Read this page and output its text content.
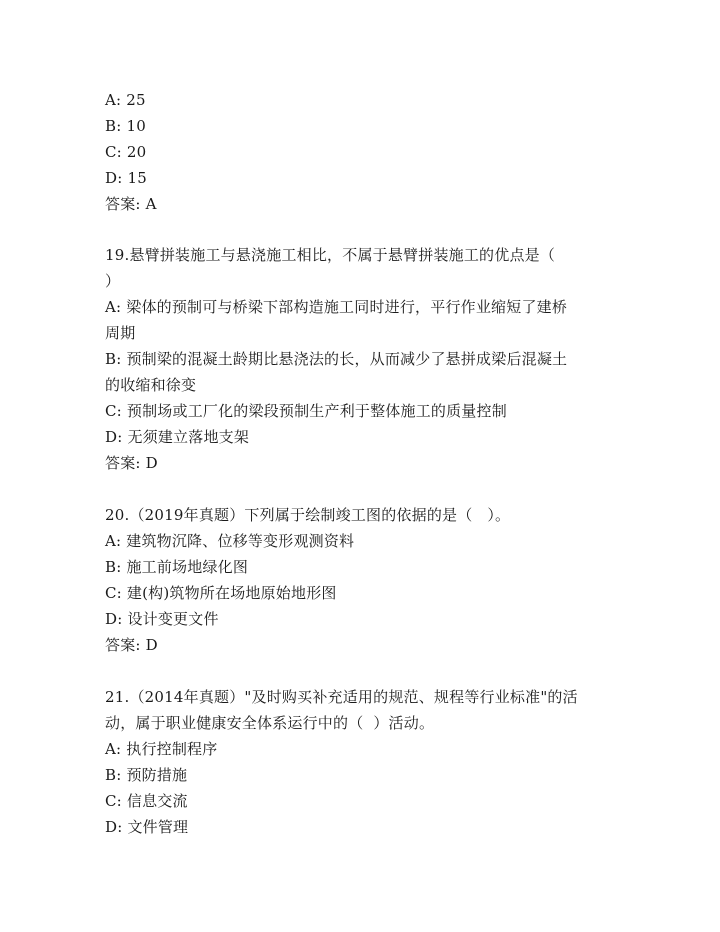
A: 25
B: 10
C: 20
D: 15
答案: A
19.悬臂拼装施工与悬浇施工相比，不属于悬臂拼装施工的优点是（
）
A: 梁体的预制可与桥梁下部构造施工同时进行，平行作业缩短了建桥
周期
B: 预制梁的混凝土龄期比悬浇法的长，从而减少了悬拼成梁后混凝土
的收缩和徐变
C: 预制场或工厂化的梁段预制生产利于整体施工的质量控制
D: 无须建立落地支架
答案: D
20.（2019年真题）下列属于绘制竣工图的依据的是（   ）。
A: 建筑物沉降、位移等变形观测资料
B: 施工前场地绿化图
C: 建(构)筑物所在场地原始地形图
D: 设计变更文件
答案: D
21.（2014年真题）"及时购买补充适用的规范、规程等行业标准"的活
动，属于职业健康安全体系运行中的（  ）活动。
A: 执行控制程序
B: 预防措施
C: 信息交流
D: 文件管理
